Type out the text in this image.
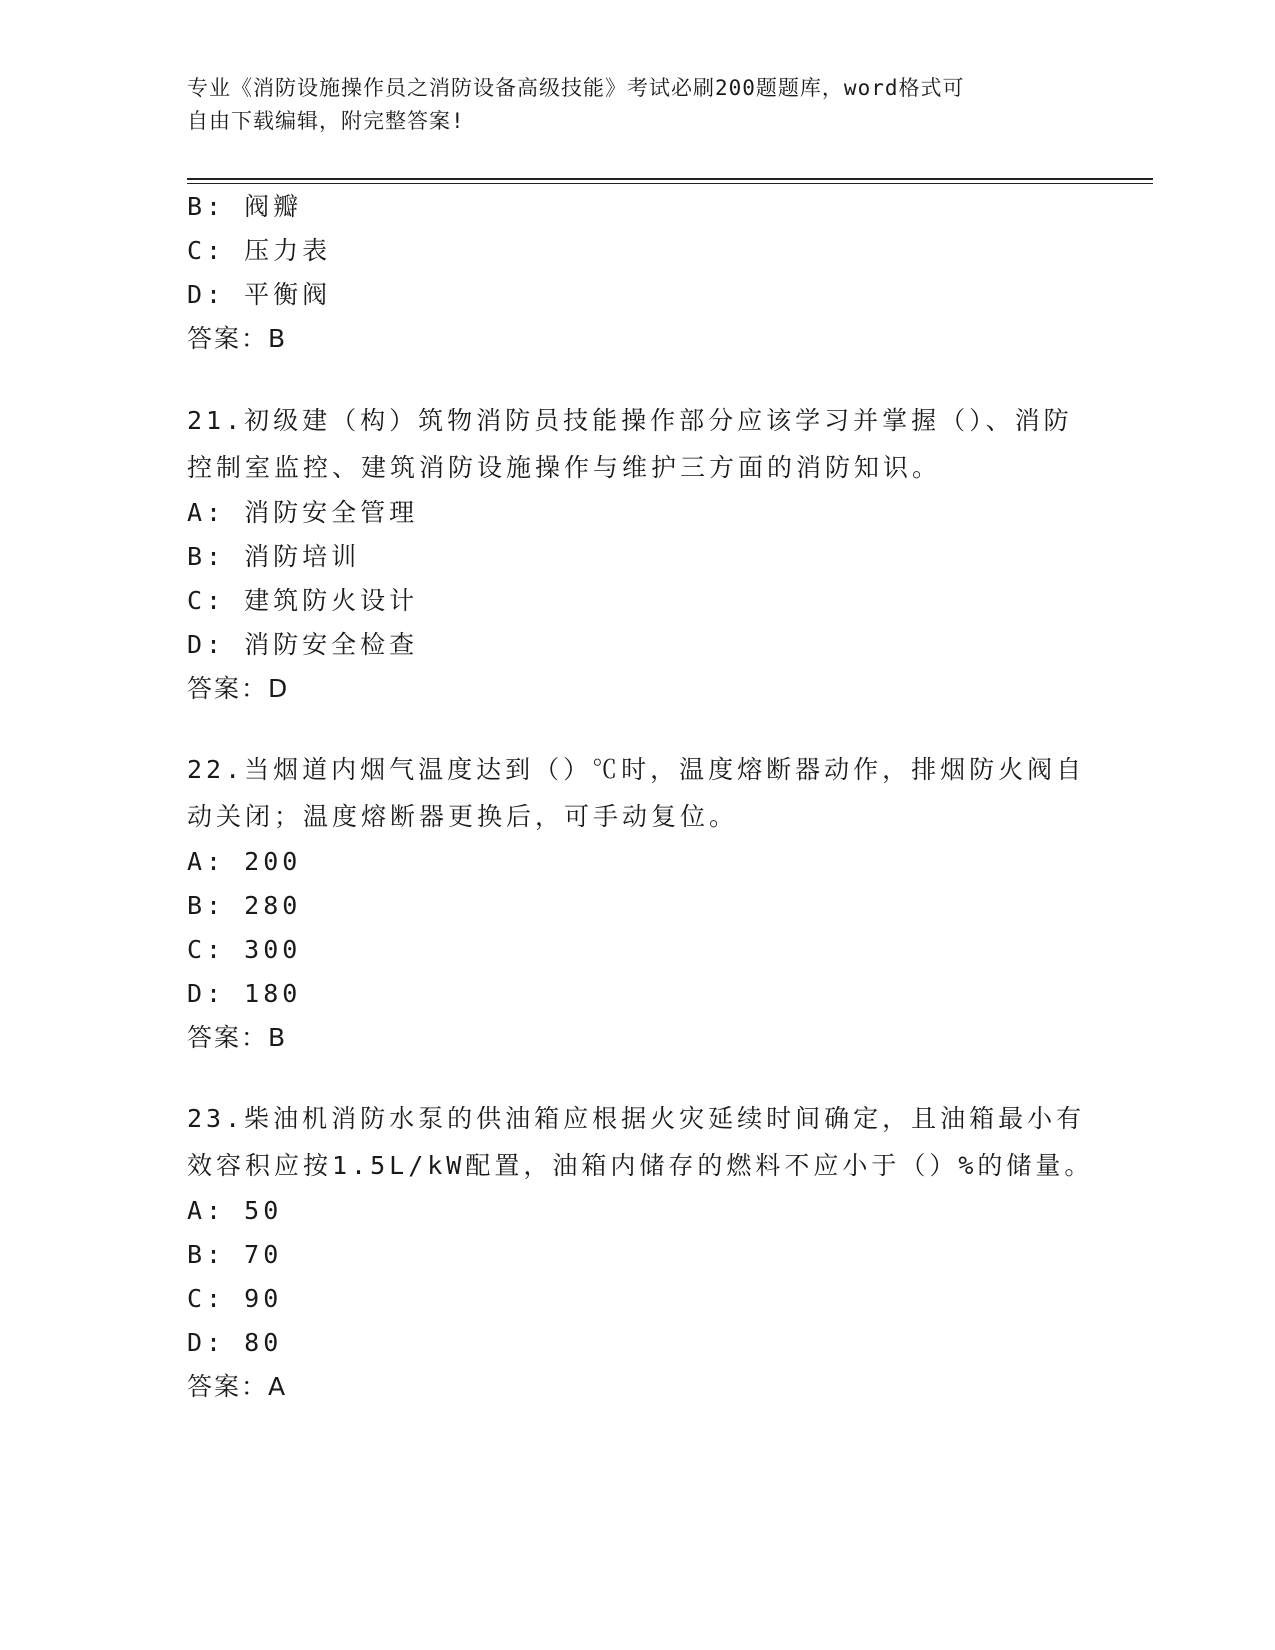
专业《消防设施操作员之消防设备高级技能》考试必刷200题题库，word格式可
自由下载编辑，附完整答案!
B: 阀瓣
C: 压力表
D: 平衡阀
答案：B
21.初级建（构）筑物消防员技能操作部分应该学习并掌握（）、消防
控制室监控、建筑消防设施操作与维护三方面的消防知识。
A: 消防安全管理
B: 消防培训
C: 建筑防火设计
D: 消防安全检查
答案：D
22.当烟道内烟气温度达到（）℃时，温度熔断器动作，排烟防火阀自
动关闭；温度熔断器更换后，可手动复位。
A: 200
B: 280
C: 300
D: 180
答案：B
23.柴油机消防水泵的供油箱应根据火灾延续时间确定，且油箱最小有
效容积应按1.5L/kW配置，油箱内储存的燃料不应小于（）%的储量。
A: 50
B: 70
C: 90
D: 80
答案：A
